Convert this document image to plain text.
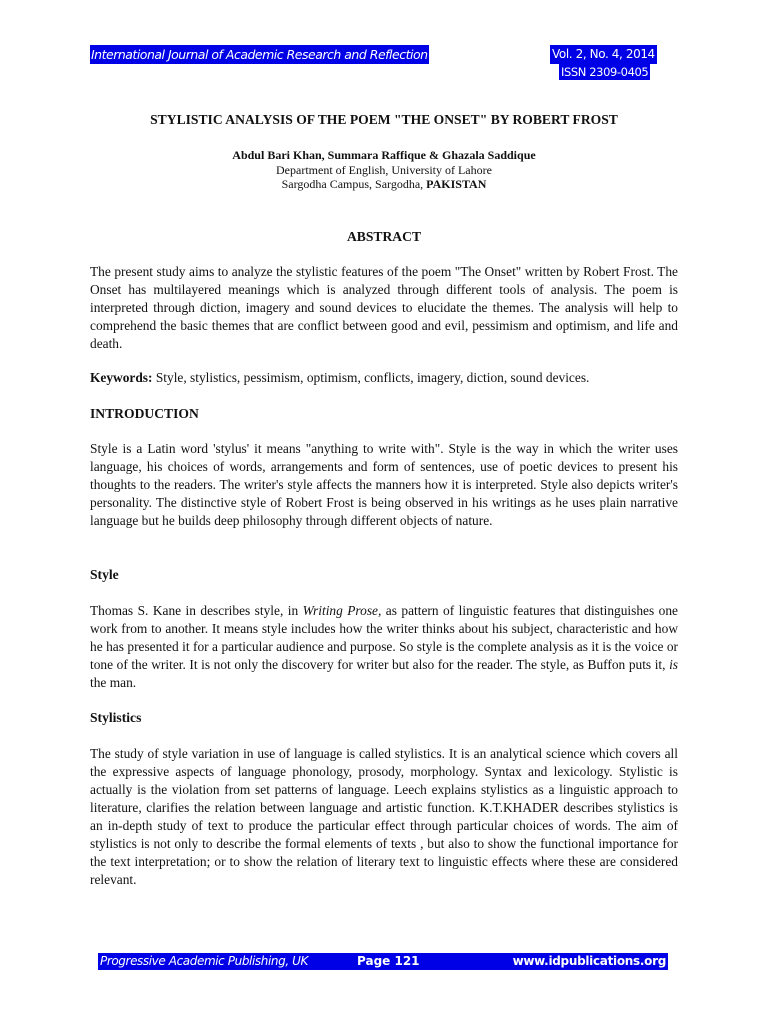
International Journal of Academic Research and Reflection	Vol. 2, No. 4, 2014
ISSN 2309-0405
STYLISTIC ANALYSIS OF THE POEM "THE ONSET" BY ROBERT FROST
Abdul Bari Khan, Summara Raffique & Ghazala Saddique
Department of English, University of Lahore
Sargodha Campus, Sargodha, PAKISTAN
ABSTRACT

The present study aims to analyze the stylistic features of the poem "The Onset" written by Robert Frost. The Onset has multilayered meanings which is analyzed through different tools of analysis. The poem is interpreted through diction, imagery and sound devices to elucidate the themes. The analysis will help to comprehend the basic themes that are conflict between good and evil, pessimism and optimism, and life and death.

Keywords: Style, stylistics, pessimism, optimism, conflicts, imagery, diction, sound devices.

INTRODUCTION

Style is a Latin word 'stylus' it means "anything to write with". Style is the way in which the writer uses language, his choices of words, arrangements and form of sentences, use of poetic devices to present his thoughts to the readers. The writer's style affects the manners how it is interpreted. Style also depicts writer's personality. The distinctive style of Robert Frost is being observed in his writings as he uses plain narrative language but he builds deep philosophy through different objects of nature.

Style

Thomas S. Kane in describes style, in Writing Prose, as pattern of linguistic features that distinguishes one work from to another. It means style includes how the writer thinks about his subject, characteristic and how he has presented it for a particular audience and purpose. So style is the complete analysis as it is the voice or tone of the writer. It is not only the discovery for writer but also for the reader. The style, as Buffon puts it, is the man.

Stylistics

The study of style variation in use of language is called stylistics. It is an analytical science which covers all the expressive aspects of language phonology, prosody, morphology. Syntax and lexicology. Stylistic is actually is the violation from set patterns of language. Leech explains stylistics as a linguistic approach to literature, clarifies the relation between language and artistic function. K.T.KHADER describes stylistics is an in-depth study of text to produce the particular effect through particular choices of words. The aim of stylistics is not only to describe the formal elements of texts , but also to show the functional importance for the text interpretation; or to show the relation of literary text to linguistic effects where these are considered relevant.

Progressive Academic Publishing, UK	Page 121	www.idpublications.org
